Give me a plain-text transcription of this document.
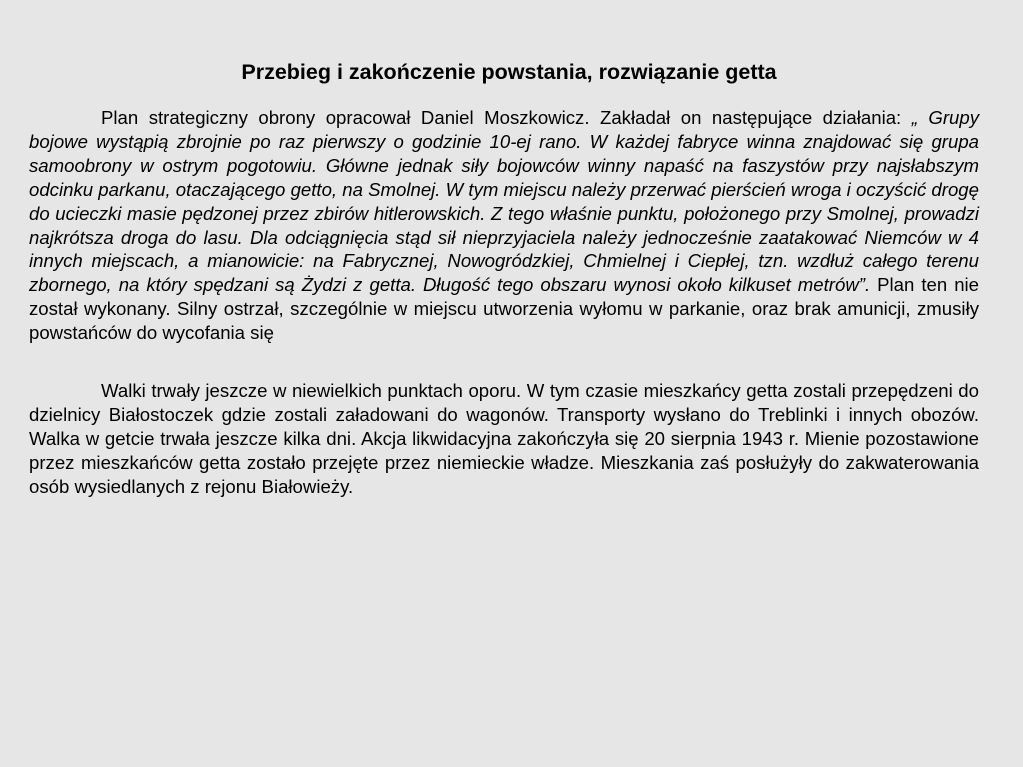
Przebieg i zakończenie powstania, rozwiązanie getta

Plan strategiczny obrony opracował Daniel Moszkowicz. Zakładał on następujące działania: „ Grupy bojowe wystąpią zbrojnie po raz pierwszy o godzinie 10-ej rano. W każdej fabryce winna znajdować się grupa samoobrony w ostrym pogotowiu. Główne jednak siły bojowców winny napaść na faszystów przy najsłabszym odcinku parkanu, otaczającego getto, na Smolnej. W tym miejscu należy przerwać pierścień wroga i oczyścić drogę do ucieczki masie pędzonej przez zbirów hitlerowskich. Z tego właśnie punktu, położonego przy Smolnej, prowadzi najkrótsza droga do lasu. Dla odciągnięcia stąd sił nieprzyjaciela należy jednocześnie zaatakować Niemców w 4 innych miejscach, a mianowicie: na Fabrycznej, Nowogródzkiej, Chmielnej i Ciepłej, tzn. wzdłuż całego terenu zbornego, na który spędzani są Żydzi z getta. Długość tego obszaru wynosi około kilkuset metrów”. Plan ten nie został wykonany. Silny ostrzał, szczególnie w miejscu utworzenia wyłomu w parkanie, oraz brak amunicji, zmusiły powstańców do wycofania się

Walki trwały jeszcze w niewielkich punktach oporu. W tym czasie mieszkańcy getta zostali przepędzeni do dzielnicy Białostoczek gdzie zostali załadowani do wagonów. Transporty wysłano do Treblinki i innych obozów. Walka w getcie trwała jeszcze kilka dni. Akcja likwidacyjna zakończyła się 20 sierpnia 1943 r. Mienie pozostawione przez mieszkańców getta zostało przejęte przez niemieckie władze. Mieszkania zaś posłużyły do zakwaterowania osób wysiedlanych z rejonu Białowieży.
